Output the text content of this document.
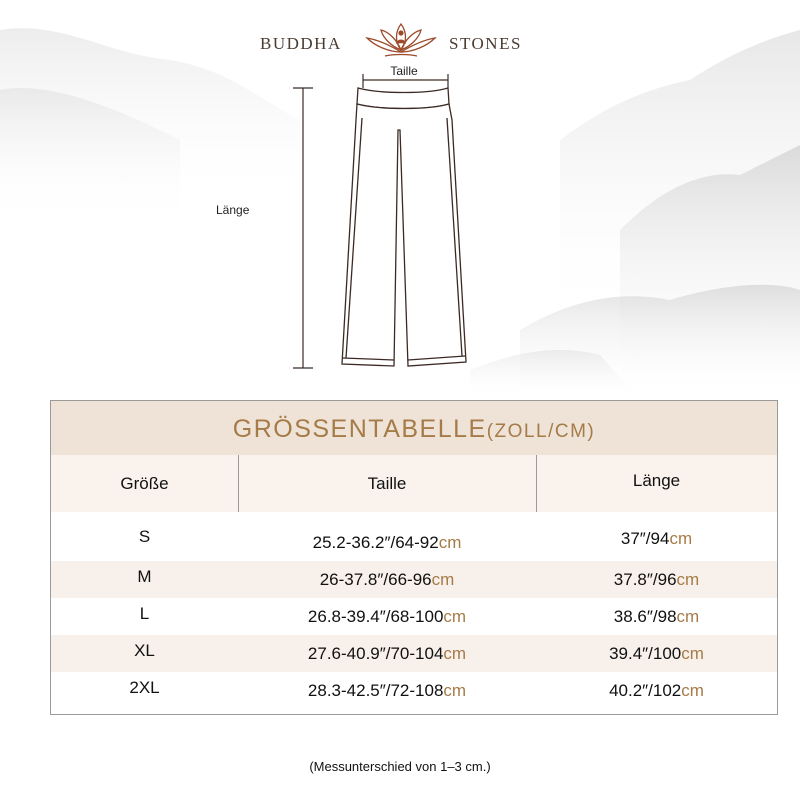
BUDDHA	STONES
Taille
Länge
GRÖSSENTABELLE(ZOLL/CM)
Größe	Taille	Länge
S	25.2-36.2″/64-92cm	37″/94cm
M	26-37.8″/66-96cm	37.8″/96cm
L	26.8-39.4″/68-100cm	38.6″/98cm
XL	27.6-40.9″/70-104cm	39.4″/100cm
2XL	28.3-42.5″/72-108cm	40.2″/102cm
(Messunterschied von 1–3 cm.)
